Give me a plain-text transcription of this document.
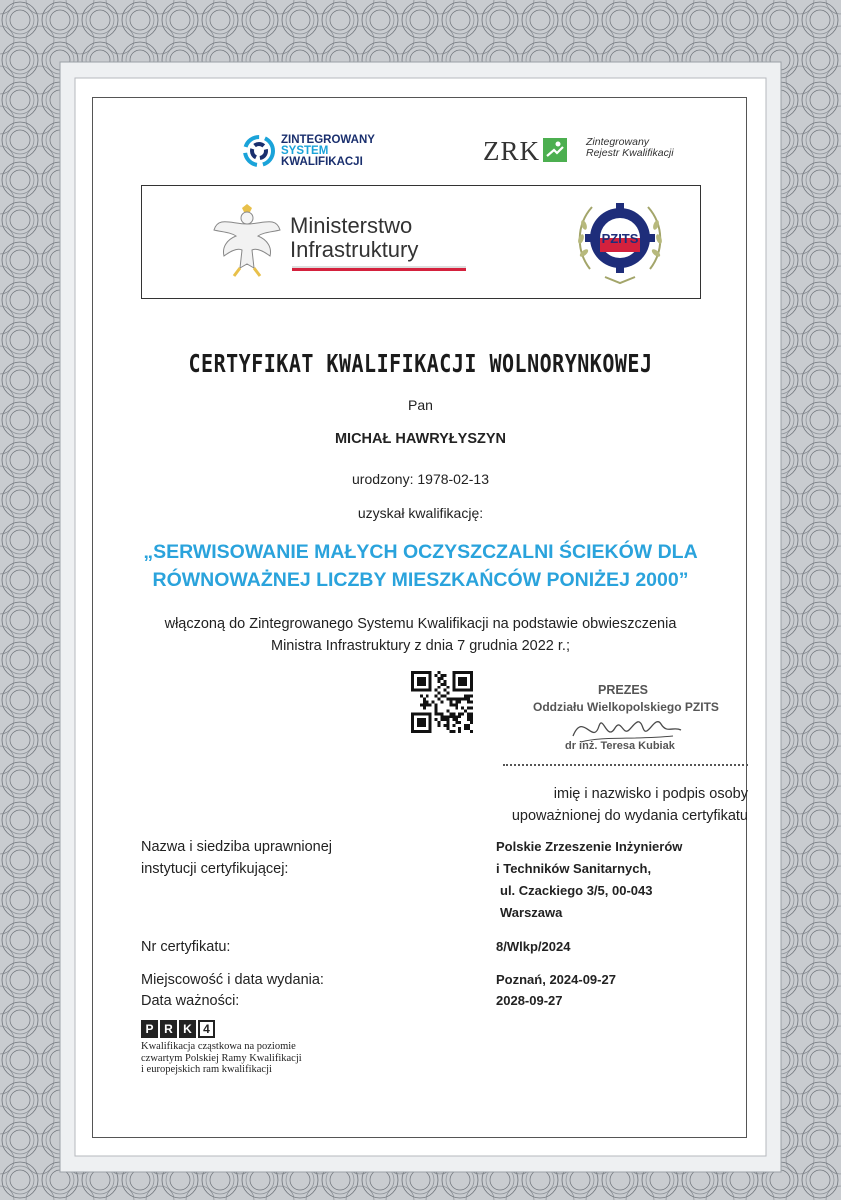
ZINTEGROWANY
SYSTEM
KWALIFIKACJI	ZRK	Zintegrowany
Rejestr Kwalifikacji
Ministerstwo
Infrastruktury	PZITS
CERTYFIKAT KWALIFIKACJI WOLNORYNKOWEJ
Pan
MICHAŁ HAWRYŁYSZYN
urodzony: 1978-02-13
uzyskał kwalifikację:
„SERWISOWANIE MAŁYCH OCZYSZCZALNI ŚCIEKÓW DLA
RÓWNOWAŻNEJ LICZBY MIESZKAŃCÓW PONIŻEJ 2000”
włączoną do Zintegrowanego Systemu Kwalifikacji na podstawie obwieszczenia
Ministra Infrastruktury z dnia 7 grudnia 2022 r.;
PREZES
Oddziału Wielkopolskiego PZITS
dr inż. Teresa Kubiak
imię i nazwisko i podpis osoby
upoważnionej do wydania certyfikatu
Nazwa i siedziba uprawnionej
instytucji certyfikującej:
Polskie Zrzeszenie Inżynierów
i Techników Sanitarnych,
ul. Czackiego 3/5, 00-043
Warszawa
Nr certyfikatu:	8/Wlkp/2024
Miejscowość i data wydania:	Poznań, 2024-09-27
Data ważności:	2028-09-27
P R K 4
Kwalifikacja cząstkowa na poziomie
czwartym Polskiej Ramy Kwalifikacji
i europejskich ram kwalifikacji
